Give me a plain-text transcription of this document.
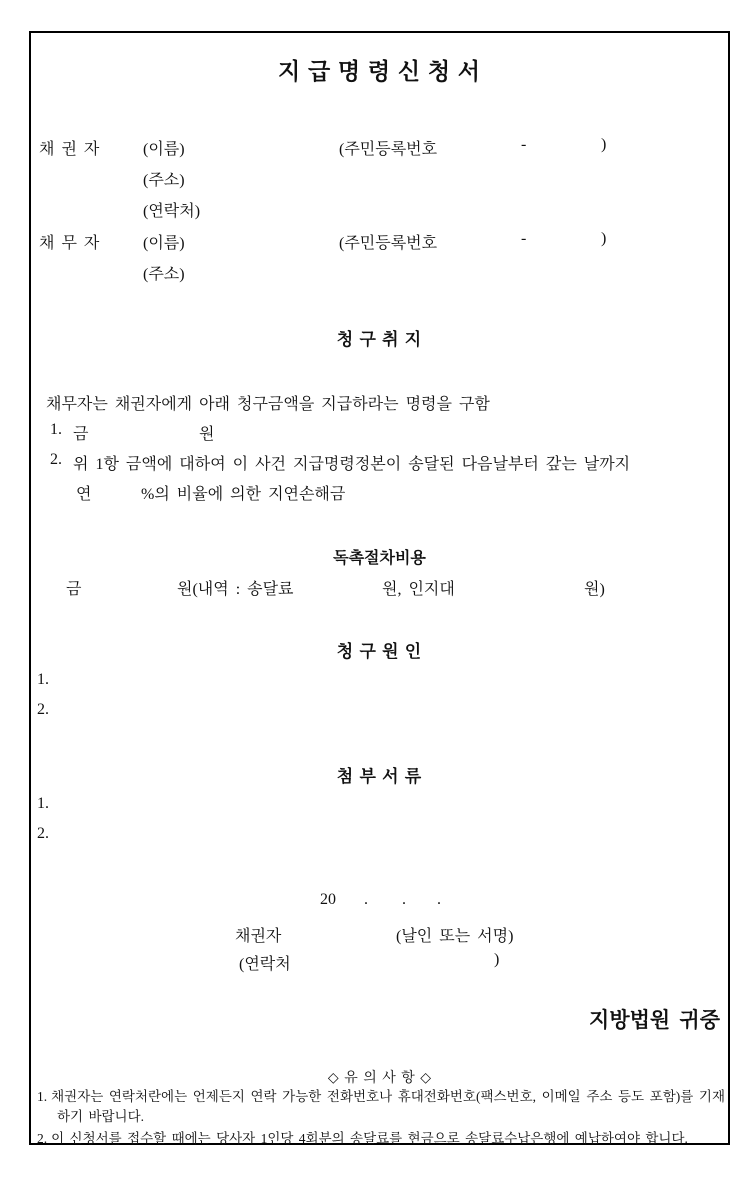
지 급 명 령 신 청 서
채 권 자	(이름)	(주민등록번호	-	)
(주소)
(연락처)
채 무 자	(이름)	(주민등록번호	-	)
(주소)
청 구 취 지
채무자는 채권자에게 아래 청구금액을 지급하라는 명령을 구함
1. 금	원
2. 위 1항 금액에 대하여 이 사건 지급명령정본이 송달된 다음날부터 갚는 날까지
연	%의 비율에 의한 지연손해금
독촉절차비용
금	원(내역 : 송달료	원, 인지대	원)
청 구 원 인
1.
2.
첨 부 서 류
1.
2.
20 . . .
채권자	(날인 또는 서명)
(연락처	)
지방법원 귀중
◇ 유 의 사 항 ◇
1. 채권자는 연락처란에는 언제든지 연락 가능한 전화번호나 휴대전화번호(팩스번호, 이메일 주소 등도 포함)를 기재하기 바랍니다.
2. 이 신청서를 접수할 때에는 당사자 1인당 4회분의 송달료를 현금으로 송달료수납은행에 예납하여야 합니다.
